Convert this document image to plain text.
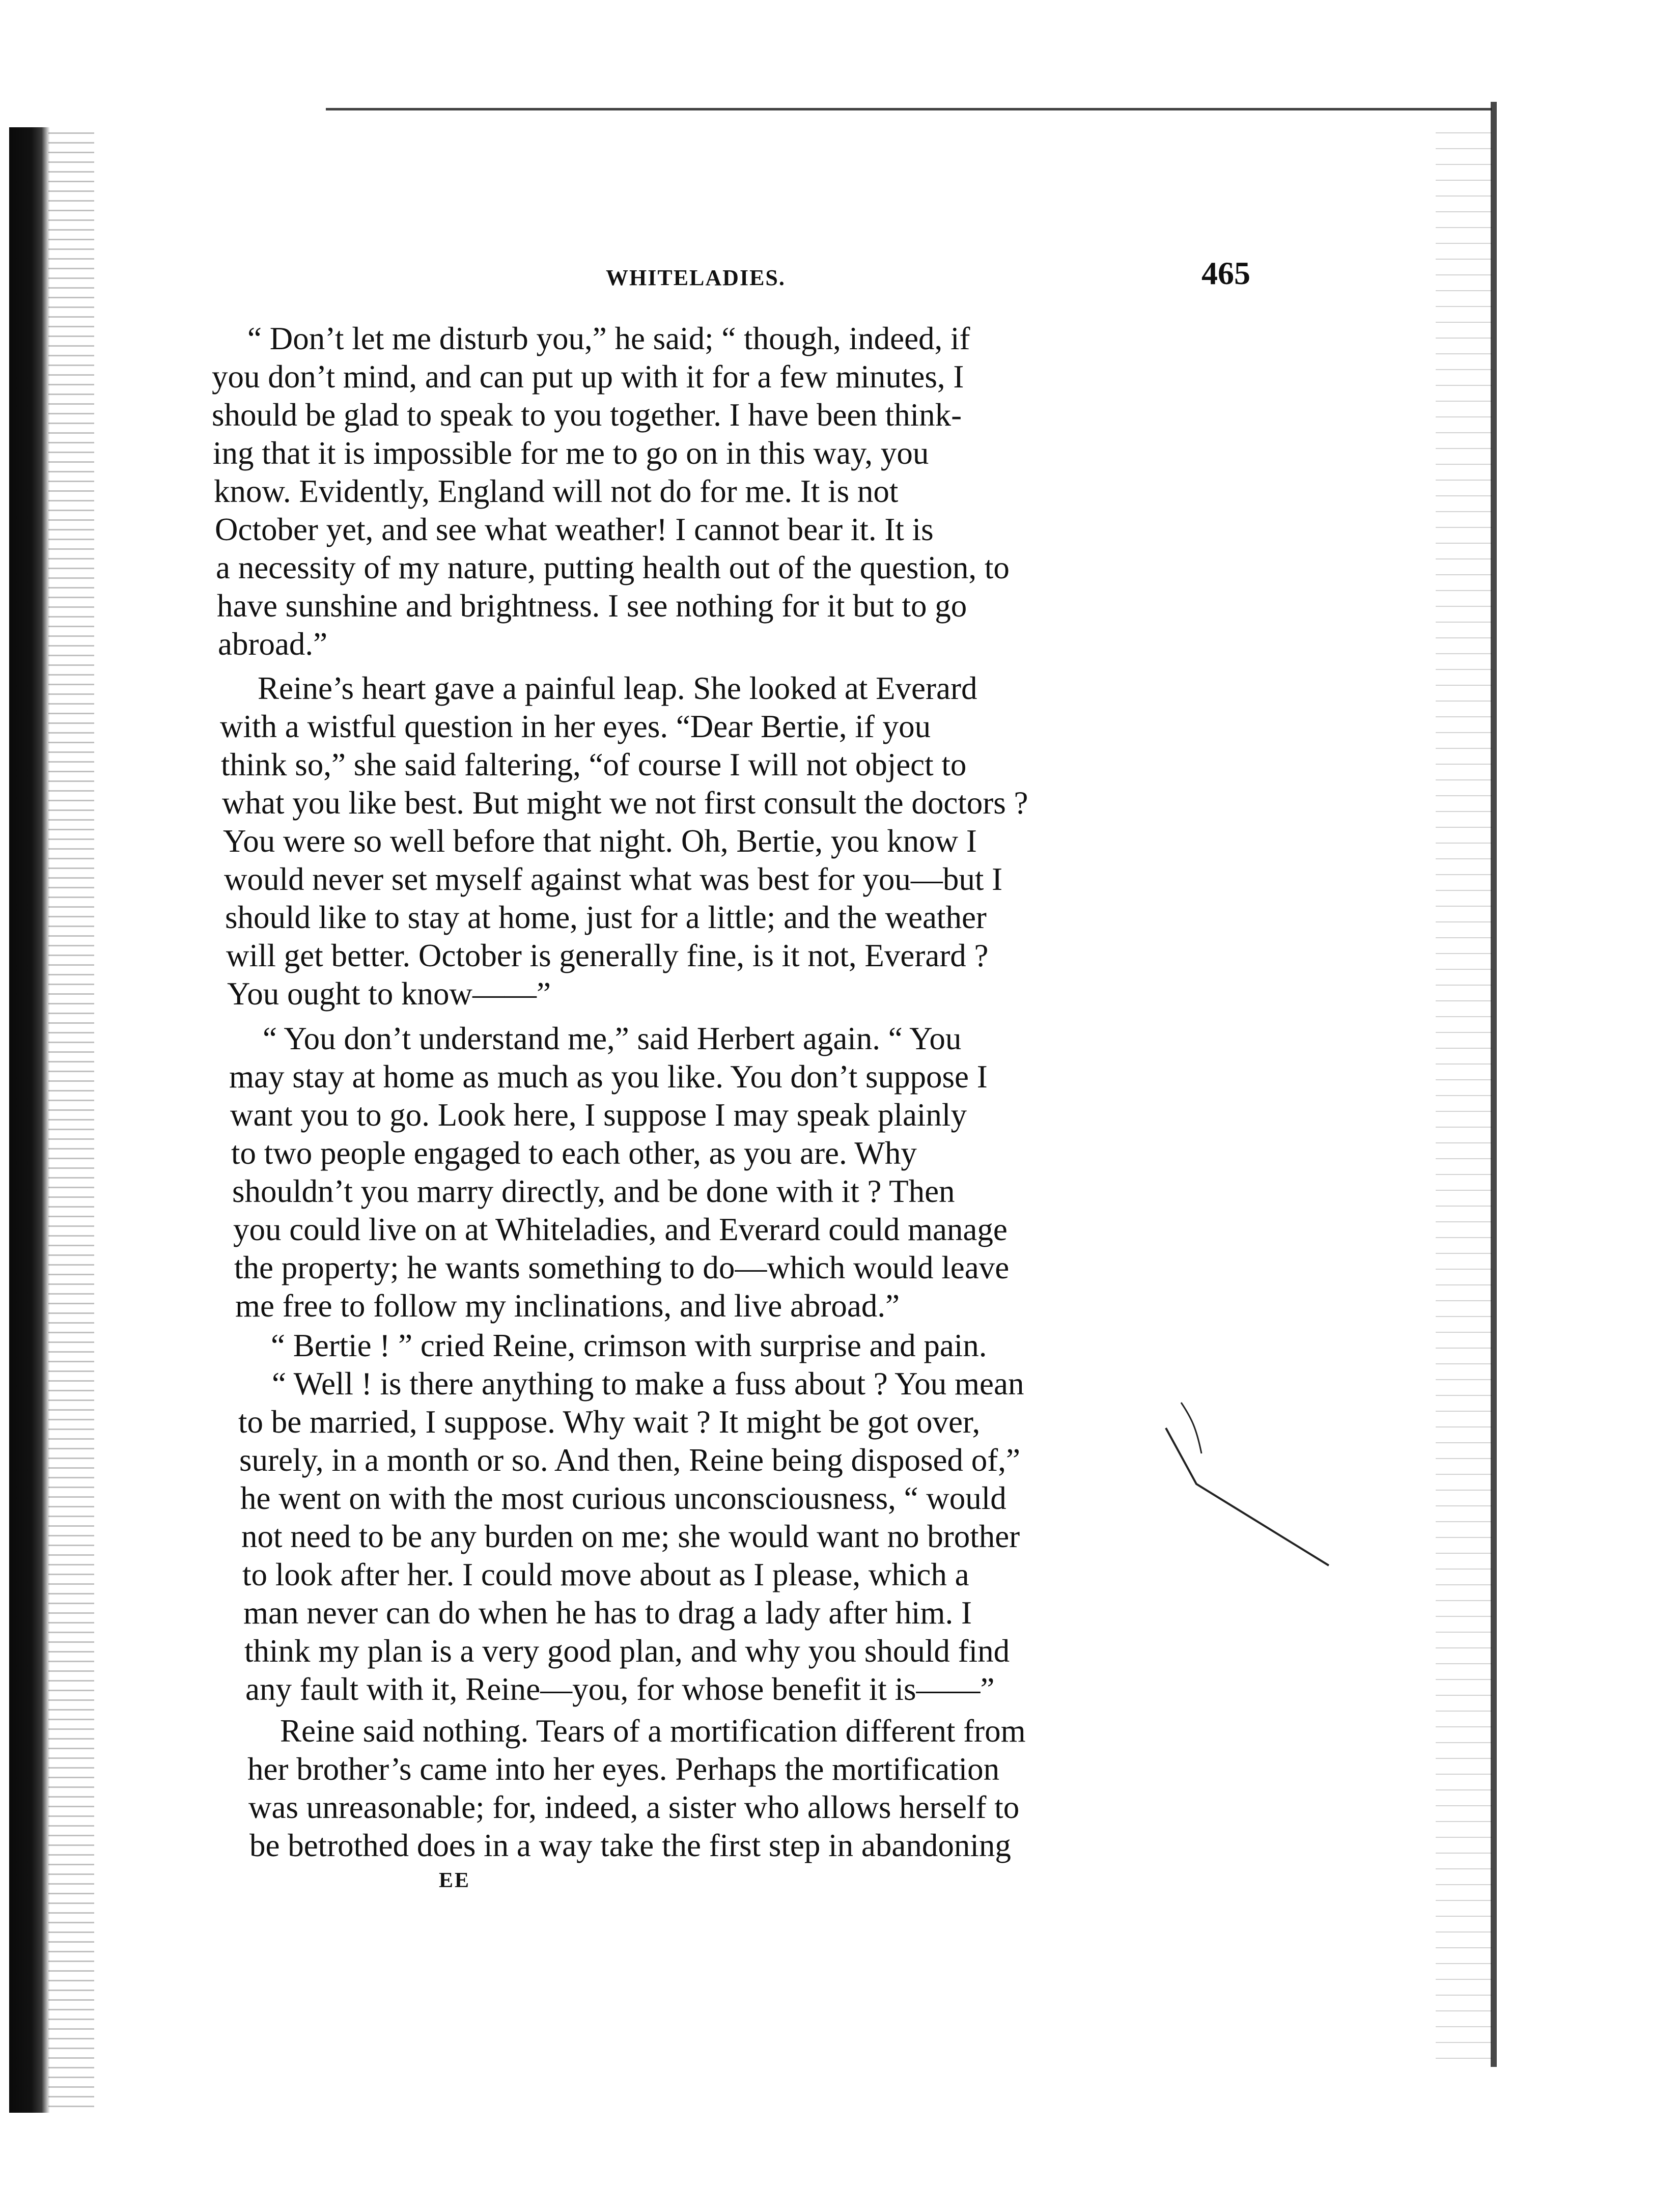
WHITELADIES.	465
“ Don’t let me disturb you,” he said; “ though, indeed, if
you don’t mind, and can put up with it for a few minutes, I
should be glad to speak to you together. I have been think-
ing that it is impossible for me to go on in this way, you
know. Evidently, England will not do for me. It is not
October yet, and see what weather! I cannot bear it. It is
a necessity of my nature, putting health out of the question, to
have sunshine and brightness. I see nothing for it but to go
abroad.”
Reine’s heart gave a painful leap. She looked at Everard
with a wistful question in her eyes. “Dear Bertie, if you
think so,” she said faltering, “of course I will not object to
what you like best. But might we not first consult the doctors ?
You were so well before that night. Oh, Bertie, you know I
would never set myself against what was best for you—but I
should like to stay at home, just for a little; and the weather
will get better. October is generally fine, is it not, Everard ?
You ought to know——”
“ You don’t understand me,” said Herbert again. “ You
may stay at home as much as you like. You don’t suppose I
want you to go. Look here, I suppose I may speak plainly
to two people engaged to each other, as you are. Why
shouldn’t you marry directly, and be done with it ? Then
you could live on at Whiteladies, and Everard could manage
the property; he wants something to do—which would leave
me free to follow my inclinations, and live abroad.”
“ Bertie ! ” cried Reine, crimson with surprise and pain.
“ Well ! is there anything to make a fuss about ? You mean
to be married, I suppose. Why wait ? It might be got over,
surely, in a month or so. And then, Reine being disposed of,”
he went on with the most curious unconsciousness, “ would
not need to be any burden on me; she would want no brother
to look after her. I could move about as I please, which a
man never can do when he has to drag a lady after him. I
think my plan is a very good plan, and why you should find
any fault with it, Reine—you, for whose benefit it is——”
Reine said nothing. Tears of a mortification different from
her brother’s came into her eyes. Perhaps the mortification
was unreasonable; for, indeed, a sister who allows herself to
be betrothed does in a way take the first step in abandoning
EE
